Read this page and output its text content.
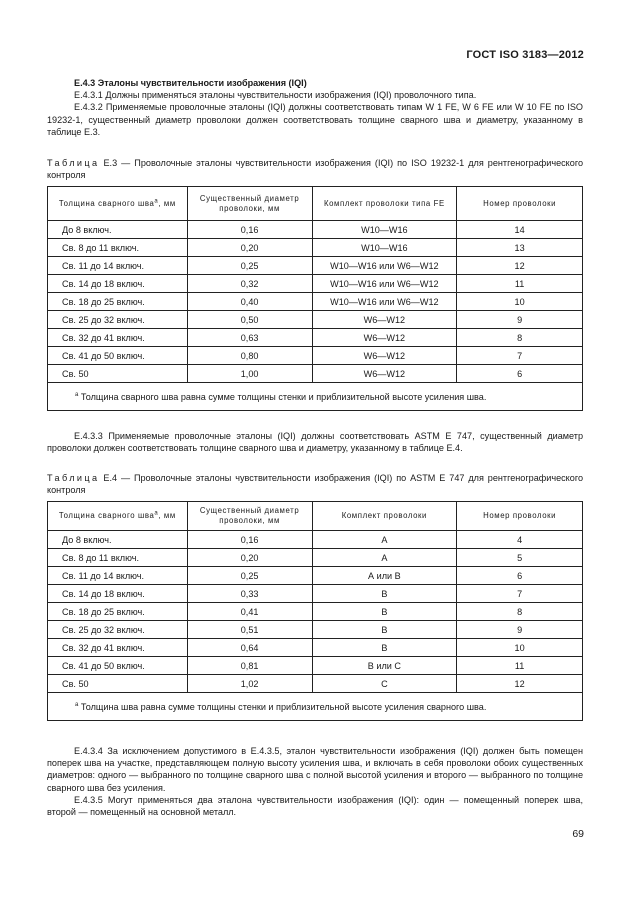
ГОСТ ISO 3183—2012

Е.4.3 Эталоны чувствительности изображения (IQI)

Е.4.3.1 Должны применяться эталоны чувствительности изображения (IQI) проволочного типа.

Е.4.3.2 Применяемые проволочные эталоны (IQI) должны соответствовать типам W 1 FE, W 6 FE или W 10 FE по ISO 19232-1, существенный диаметр проволоки должен соответствовать толщине сварного шва и диаметру, указанному в таблице Е.3.

Таблица Е.3 — Проволочные эталоны чувствительности изображения (IQI) по ISO 19232-1 для рентгенографического контроля

Толщина сварного шва$^а$, мм	Существенный диаметр проволоки, мм	Комплект проволоки типа FE	Номер проволоки
До 8 включ.	0,16	W10—W16	14
Св. 8 до 11 включ.	0,20	W10—W16	13
Св. 11 до 14 включ.	0,25	W10—W16 или W6—W12	12
Св. 14 до 18 включ.	0,32	W10—W16 или W6—W12	11
Св. 18 до 25 включ.	0,40	W10—W16 или W6—W12	10
Св. 25 до 32 включ.	0,50	W6—W12	9
Св. 32 до 41 включ.	0,63	W6—W12	8
Св. 41 до 50 включ.	0,80	W6—W12	7
Св. 50	1,00	W6—W12	6
$^а$ Толщина сварного шва равна сумме толщины стенки и приблизительной высоте усиления шва.			

Е.4.3.3 Применяемые проволочные эталоны (IQI) должны соответствовать ASTM Е 747, существенный диаметр проволоки должен соответствовать толщине сварного шва и диаметру, указанному в таблице Е.4.

Таблица Е.4 — Проволочные эталоны чувствительности изображения (IQI) по ASTM Е 747 для рентгенографического контроля

Толщина сварного шва$^а$, мм	Существенный диаметр проволоки, мм	Комплект проволоки	Номер проволоки
До 8 включ.	0,16	А	4
Св. 8 до 11 включ.	0,20	А	5
Св. 11 до 14 включ.	0,25	А или В	6
Св. 14 до 18 включ.	0,33	В	7
Св. 18 до 25 включ.	0,41	В	8
Св. 25 до 32 включ.	0,51	В	9
Св. 32 до 41 включ.	0,64	В	10
Св. 41 до 50 включ.	0,81	В или С	11
Св. 50	1,02	С	12
$^а$ Толщина шва равна сумме толщины стенки и приблизительной высоте усиления сварного шва.			

Е.4.3.4 За исключением допустимого в Е.4.3.5, эталон чувствительности изображения (IQI) должен быть помещен поперек шва на участке, представляющем полную высоту усиления шва, и включать в себя проволоки обоих существенных диаметров: одного — выбранного по толщине сварного шва с полной высотой усиления и второго — выбранного по толщине сварного шва без усиления.

Е.4.3.5 Могут применяться два эталона чувствительности изображения (IQI): один — помещенный поперек шва, второй — помещенный на основной металл.

69
